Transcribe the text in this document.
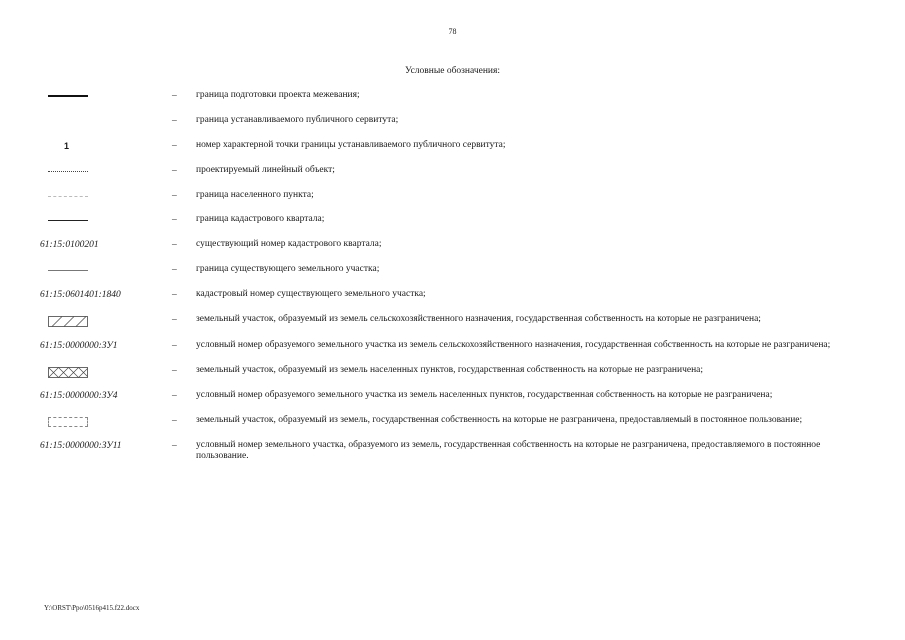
78
Условные обозначения:
– граница подготовки проекта межевания;
– граница устанавливаемого публичного сервитута;
1	– номер характерной точки границы устанавливаемого публичного сервитута;
– проектируемый линейный объект;
– граница населенного пункта;
– граница кадастрового квартала;
61:15:0100201	– существующий номер кадастрового квартала;
– граница существующего земельного участка;
61:15:0601401:1840	– кадастровый номер существующего земельного участка;
– земельный участок, образуемый из земель сельскохозяйственного назначения, государственная собственность на которые не разграничена;
61:15:0000000:ЗУ1	– условный номер образуемого земельного участка из земель сельскохозяйственного назначения, государственная собственность на которые не разграничена;
– земельный участок, образуемый из земель населенных пунктов, государственная собственность на которые не разграничена;
61:15:0000000:ЗУ4	– условный номер образуемого земельного участка из земель населенных пунктов, государственная собственность на которые не разграничена;
– земельный участок, образуемый из земель, государственная собственность на которые не разграничена, предоставляемый в постоянное пользование;
61:15:0000000:ЗУ11	– условный номер земельного участка, образуемого из земель, государственная собственность на которые не разграничена, предоставляемого в постоянное пользование.
Y:\ORST\Ppo\0516p415.f22.docx
